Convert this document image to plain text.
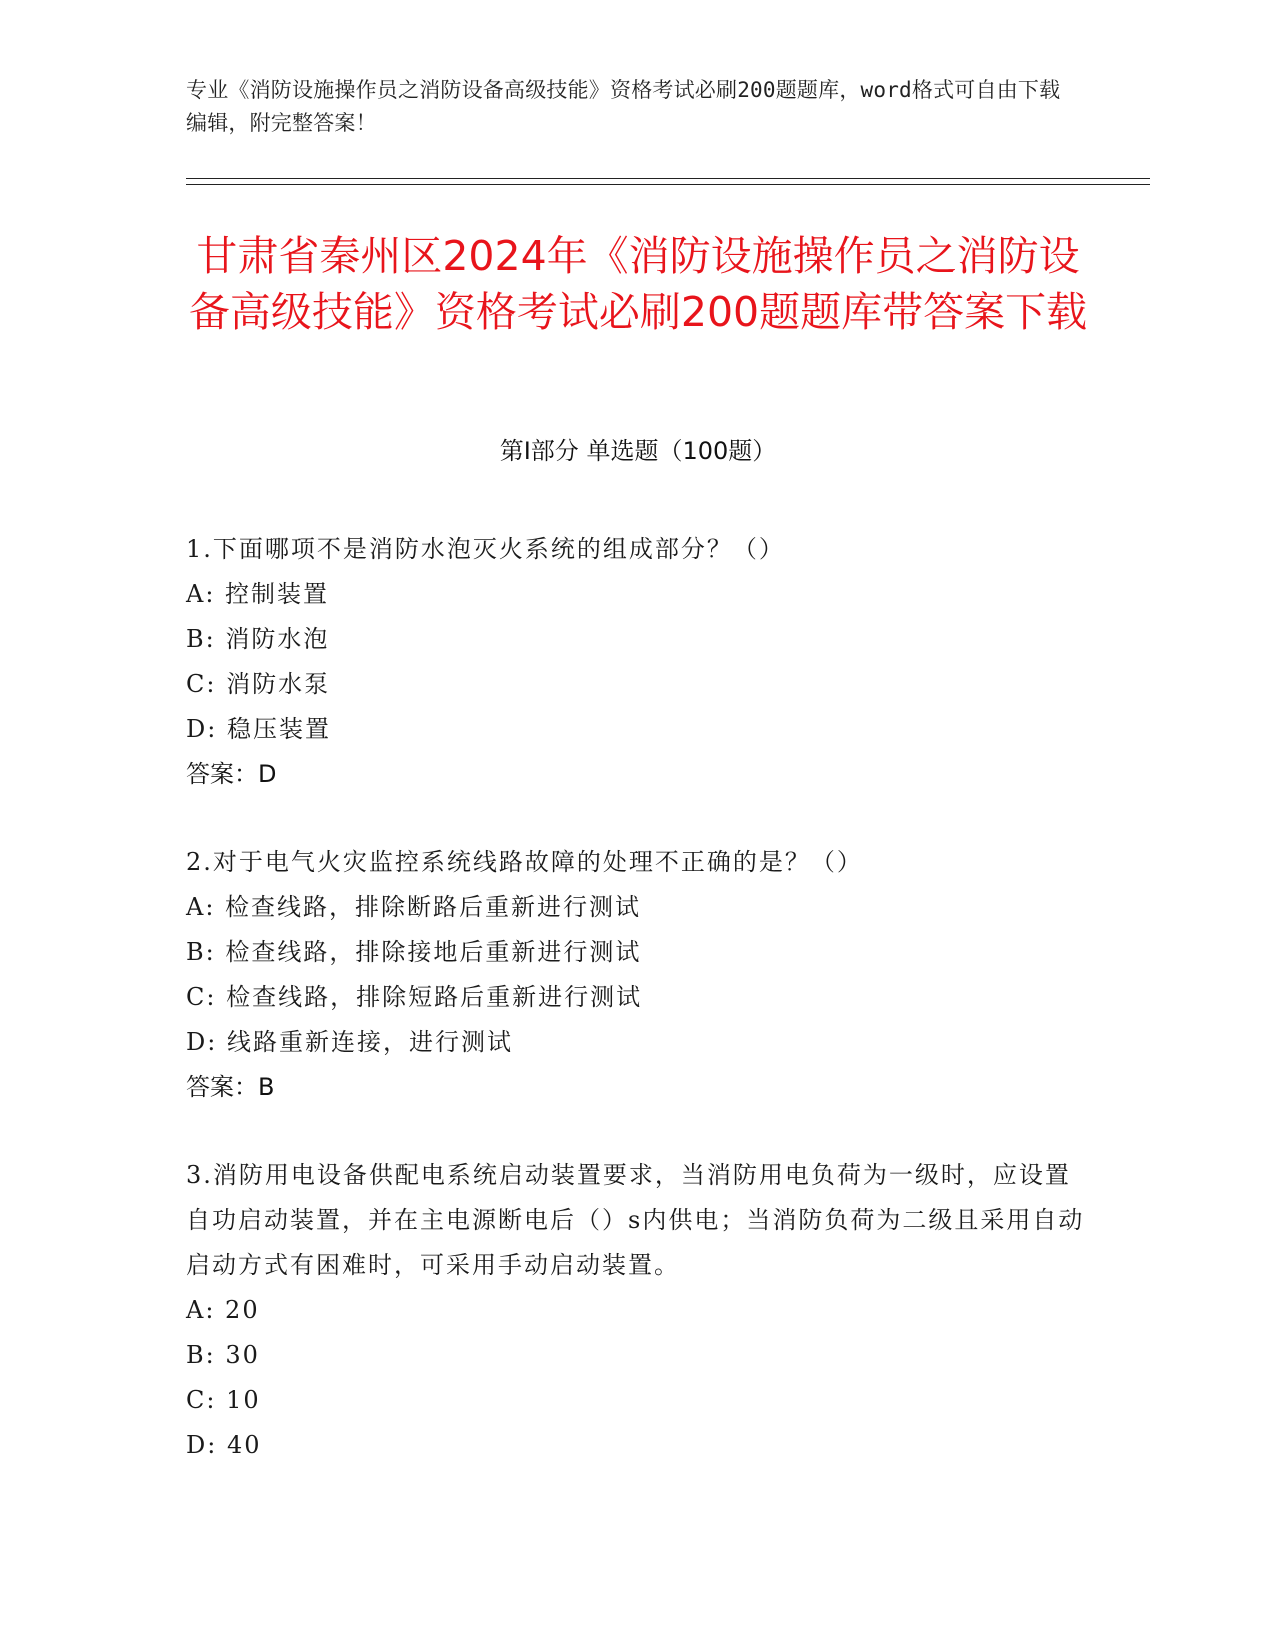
专业《消防设施操作员之消防设备高级技能》资格考试必刷200题题库，word格式可自由下载编辑，附完整答案！
甘肃省秦州区2024年《消防设施操作员之消防设备高级技能》资格考试必刷200题题库带答案下载
第I部分 单选题（100题）
1.下面哪项不是消防水泡灭火系统的组成部分？（）
A: 控制装置
B: 消防水泡
C: 消防水泵
D: 稳压装置
答案：D
2.对于电气火灾监控系统线路故障的处理不正确的是？（）
A: 检查线路，排除断路后重新进行测试
B: 检查线路，排除接地后重新进行测试
C: 检查线路，排除短路后重新进行测试
D: 线路重新连接，进行测试
答案：B
3.消防用电设备供配电系统启动装置要求，当消防用电负荷为一级时，应设置自功启动装置，并在主电源断电后（）s内供电；当消防负荷为二级且采用自动启动方式有困难时，可采用手动启动装置。
A: 20
B: 30
C: 10
D: 40
